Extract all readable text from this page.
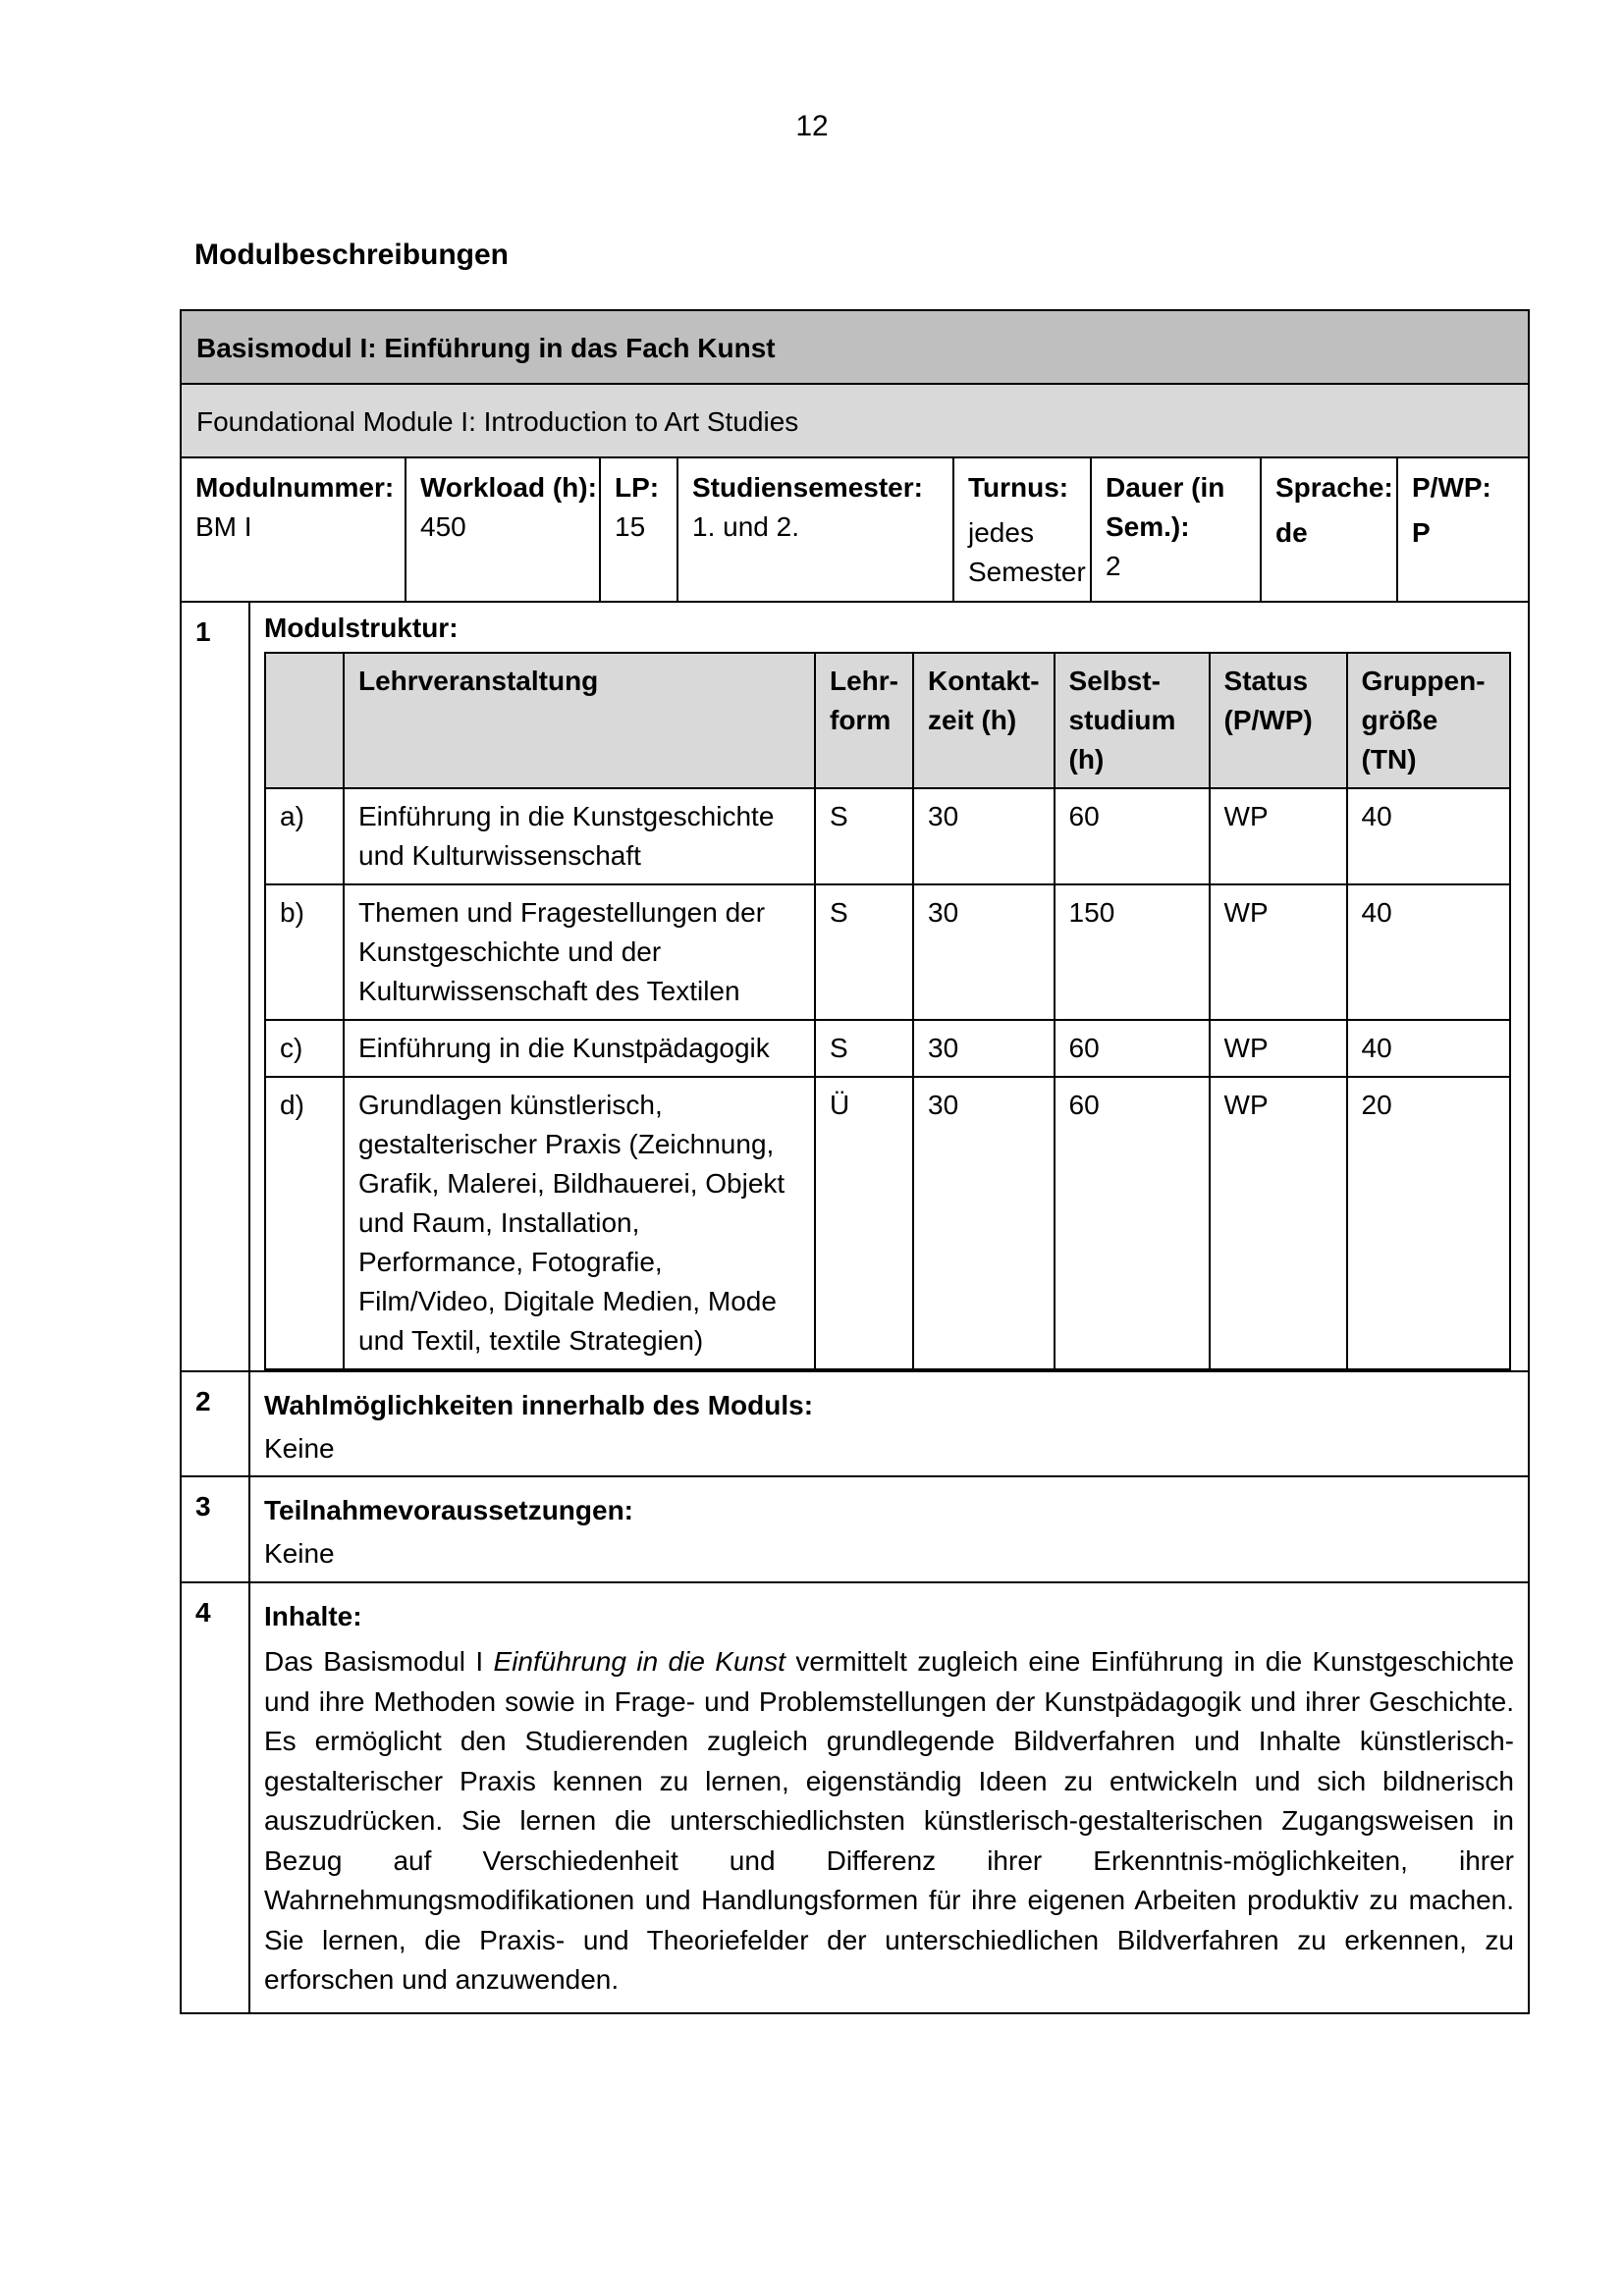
12
Modulbeschreibungen
Basismodul I: Einführung in das Fach Kunst
Foundational Module I: Introduction to Art Studies
Modulnummer:
BM I
Workload (h):
450
LP:
15
Studiensemester:
1. und 2.
Turnus:
jedes Semester
Dauer (in Sem.):
2
Sprache:
de
P/WP:
P
1	Modulstruktur:
	Lehrveranstaltung	Lehr-form	Kontakt-zeit (h)	Selbst-studium (h)	Status (P/WP)	Gruppen-größe (TN)
a)	Einführung in die Kunstgeschichte und Kulturwissenschaft	S	30	60	WP	40
b)	Themen und Fragestellungen der Kunstgeschichte und der Kulturwissenschaft des Textilen	S	30	150	WP	40
c)	Einführung in die Kunstpädagogik	S	30	60	WP	40
d)	Grundlagen künstlerisch, gestalterischer Praxis (Zeichnung, Grafik, Malerei, Bildhauerei, Objekt und Raum, Installation, Performance, Fotografie, Film/Video, Digitale Medien, Mode und Textil, textile Strategien)	Ü	30	60	WP	20
2	Wahlmöglichkeiten innerhalb des Moduls:
Keine
3	Teilnahmevoraussetzungen:
Keine
4	Inhalte:
Das Basismodul I Einführung in die Kunst vermittelt zugleich eine Einführung in die Kunstgeschichte und ihre Methoden sowie in Frage- und Problemstellungen der Kunstpädagogik und ihrer Geschichte. Es ermöglicht den Studierenden zugleich grundlegende Bildverfahren und Inhalte künstlerisch-gestalterischer Praxis kennen zu lernen, eigenständig Ideen zu entwickeln und sich bildnerisch auszudrücken. Sie lernen die unterschiedlichsten künstlerisch-gestalterischen Zugangsweisen in Bezug auf Verschiedenheit und Differenz ihrer Erkenntnis-möglichkeiten, ihrer Wahrnehmungsmodifikationen und Handlungsformen für ihre eigenen Arbeiten produktiv zu machen. Sie lernen, die Praxis- und Theoriefelder der unterschiedlichen Bildverfahren zu erkennen, zu erforschen und anzuwenden.
